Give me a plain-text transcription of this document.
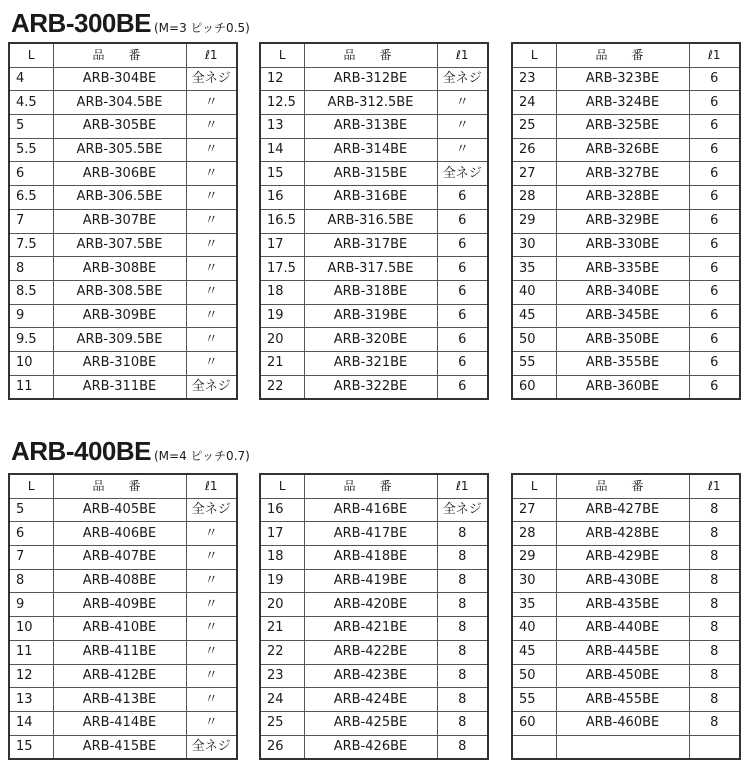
ARB-300BE (M=3 ピッチ0.5)
L	品　番	ℓ1
4	ARB-304BE	全ネジ
4.5	ARB-304.5BE	〃
5	ARB-305BE	〃
5.5	ARB-305.5BE	〃
6	ARB-306BE	〃
6.5	ARB-306.5BE	〃
7	ARB-307BE	〃
7.5	ARB-307.5BE	〃
8	ARB-308BE	〃
8.5	ARB-308.5BE	〃
9	ARB-309BE	〃
9.5	ARB-309.5BE	〃
10	ARB-310BE	〃
11	ARB-311BE	全ネジ
L	品　番	ℓ1
12	ARB-312BE	全ネジ
12.5	ARB-312.5BE	〃
13	ARB-313BE	〃
14	ARB-314BE	〃
15	ARB-315BE	全ネジ
16	ARB-316BE	6
16.5	ARB-316.5BE	6
17	ARB-317BE	6
17.5	ARB-317.5BE	6
18	ARB-318BE	6
19	ARB-319BE	6
20	ARB-320BE	6
21	ARB-321BE	6
22	ARB-322BE	6
L	品　番	ℓ1
23	ARB-323BE	6
24	ARB-324BE	6
25	ARB-325BE	6
26	ARB-326BE	6
27	ARB-327BE	6
28	ARB-328BE	6
29	ARB-329BE	6
30	ARB-330BE	6
35	ARB-335BE	6
40	ARB-340BE	6
45	ARB-345BE	6
50	ARB-350BE	6
55	ARB-355BE	6
60	ARB-360BE	6
ARB-400BE (M=4 ピッチ0.7)
L	品　番	ℓ1
5	ARB-405BE	全ネジ
6	ARB-406BE	〃
7	ARB-407BE	〃
8	ARB-408BE	〃
9	ARB-409BE	〃
10	ARB-410BE	〃
11	ARB-411BE	〃
12	ARB-412BE	〃
13	ARB-413BE	〃
14	ARB-414BE	〃
15	ARB-415BE	全ネジ
L	品　番	ℓ1
16	ARB-416BE	全ネジ
17	ARB-417BE	8
18	ARB-418BE	8
19	ARB-419BE	8
20	ARB-420BE	8
21	ARB-421BE	8
22	ARB-422BE	8
23	ARB-423BE	8
24	ARB-424BE	8
25	ARB-425BE	8
26	ARB-426BE	8
L	品　番	ℓ1
27	ARB-427BE	8
28	ARB-428BE	8
29	ARB-429BE	8
30	ARB-430BE	8
35	ARB-435BE	8
40	ARB-440BE	8
45	ARB-445BE	8
50	ARB-450BE	8
55	ARB-455BE	8
60	ARB-460BE	8
